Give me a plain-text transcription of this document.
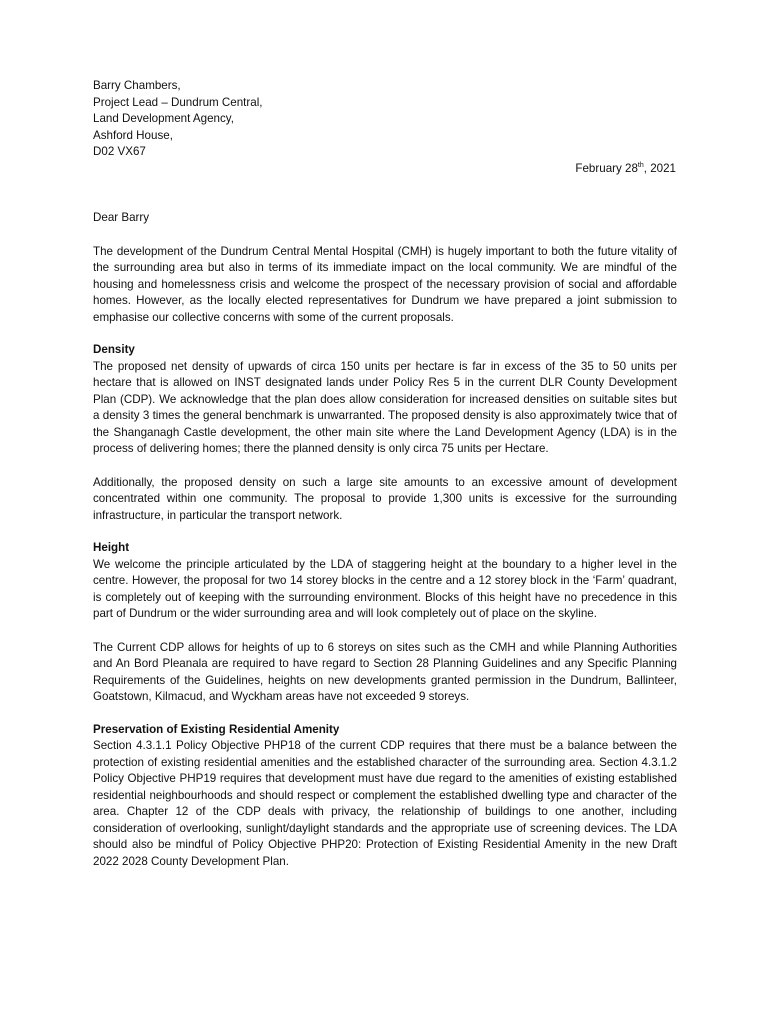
Barry Chambers,
Project Lead – Dundrum Central,
Land Development Agency,
Ashford House,
D02 VX67
February 28th, 2021

Dear Barry

The development of the Dundrum Central Mental Hospital (CMH) is hugely important to both the future vitality of the surrounding area but also in terms of its immediate impact on the local community. We are mindful of the housing and homelessness crisis and welcome the prospect of the necessary provision of social and affordable homes. However, as the locally elected representatives for Dundrum we have prepared a joint submission to emphasise our collective concerns with some of the current proposals.

Density

The proposed net density of upwards of circa 150 units per hectare is far in excess of the 35 to 50 units per hectare that is allowed on INST designated lands under Policy Res 5 in the current DLR County Development Plan (CDP). We acknowledge that the plan does allow consideration for increased densities on suitable sites but a density 3 times the general benchmark is unwarranted. The proposed density is also approximately twice that of the Shanganagh Castle development, the other main site where the Land Development Agency (LDA) is in the process of delivering homes; there the planned density is only circa 75 units per Hectare.

Additionally, the proposed density on such a large site amounts to an excessive amount of development concentrated within one community. The proposal to provide 1,300 units is excessive for the surrounding infrastructure, in particular the transport network.

Height

We welcome the principle articulated by the LDA of staggering height at the boundary to a higher level in the centre. However, the proposal for two 14 storey blocks in the centre and a 12 storey block in the ‘Farm’ quadrant, is completely out of keeping with the surrounding environment. Blocks of this height have no precedence in this part of Dundrum or the wider surrounding area and will look completely out of place on the skyline.

The Current CDP allows for heights of up to 6 storeys on sites such as the CMH and while Planning Authorities and An Bord Pleanala are required to have regard to Section 28 Planning Guidelines and any Specific Planning Requirements of the Guidelines, heights on new developments granted permission in the Dundrum, Ballinteer, Goatstown, Kilmacud, and Wyckham areas have not exceeded 9 storeys.

Preservation of Existing Residential Amenity

Section 4.3.1.1 Policy Objective PHP18 of the current CDP requires that there must be a balance between the protection of existing residential amenities and the established character of the surrounding area. Section 4.3.1.2 Policy Objective PHP19 requires that development must have due regard to the amenities of existing established residential neighbourhoods and should respect or complement the established dwelling type and character of the area. Chapter 12 of the CDP deals with privacy, the relationship of buildings to one another, including consideration of overlooking, sunlight/daylight standards and the appropriate use of screening devices. The LDA should also be mindful of Policy Objective PHP20: Protection of Existing Residential Amenity in the new Draft 2022 2028 County Development Plan.
